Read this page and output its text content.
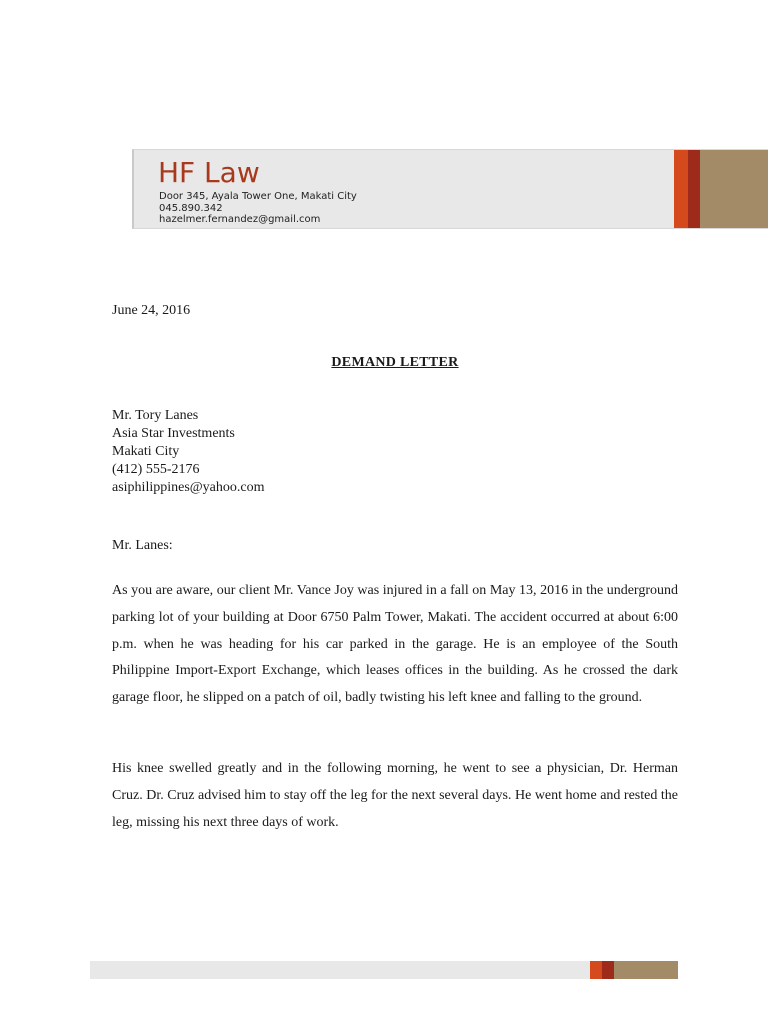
HF Law
Door 345, Ayala Tower One, Makati City
045.890.342
hazelmer.fernandez@gmail.com
June 24, 2016
DEMAND LETTER
Mr. Tory Lanes
Asia Star Investments
Makati City
(412) 555-2176
asiphilippines@yahoo.com
Mr. Lanes:

As you are aware, our client Mr. Vance Joy was injured in a fall on May 13, 2016 in the underground parking lot of your building at Door 6750 Palm Tower, Makati. The accident occurred at about 6:00 p.m. when he was heading for his car parked in the garage. He is an employee of the South Philippine Import-Export Exchange, which leases offices in the building. As he crossed the dark garage floor, he slipped on a patch of oil, badly twisting his left knee and falling to the ground.

His knee swelled greatly and in the following morning, he went to see a physician, Dr. Herman Cruz. Dr. Cruz advised him to stay off the leg for the next several days. He went home and rested the leg, missing his next three days of work.
